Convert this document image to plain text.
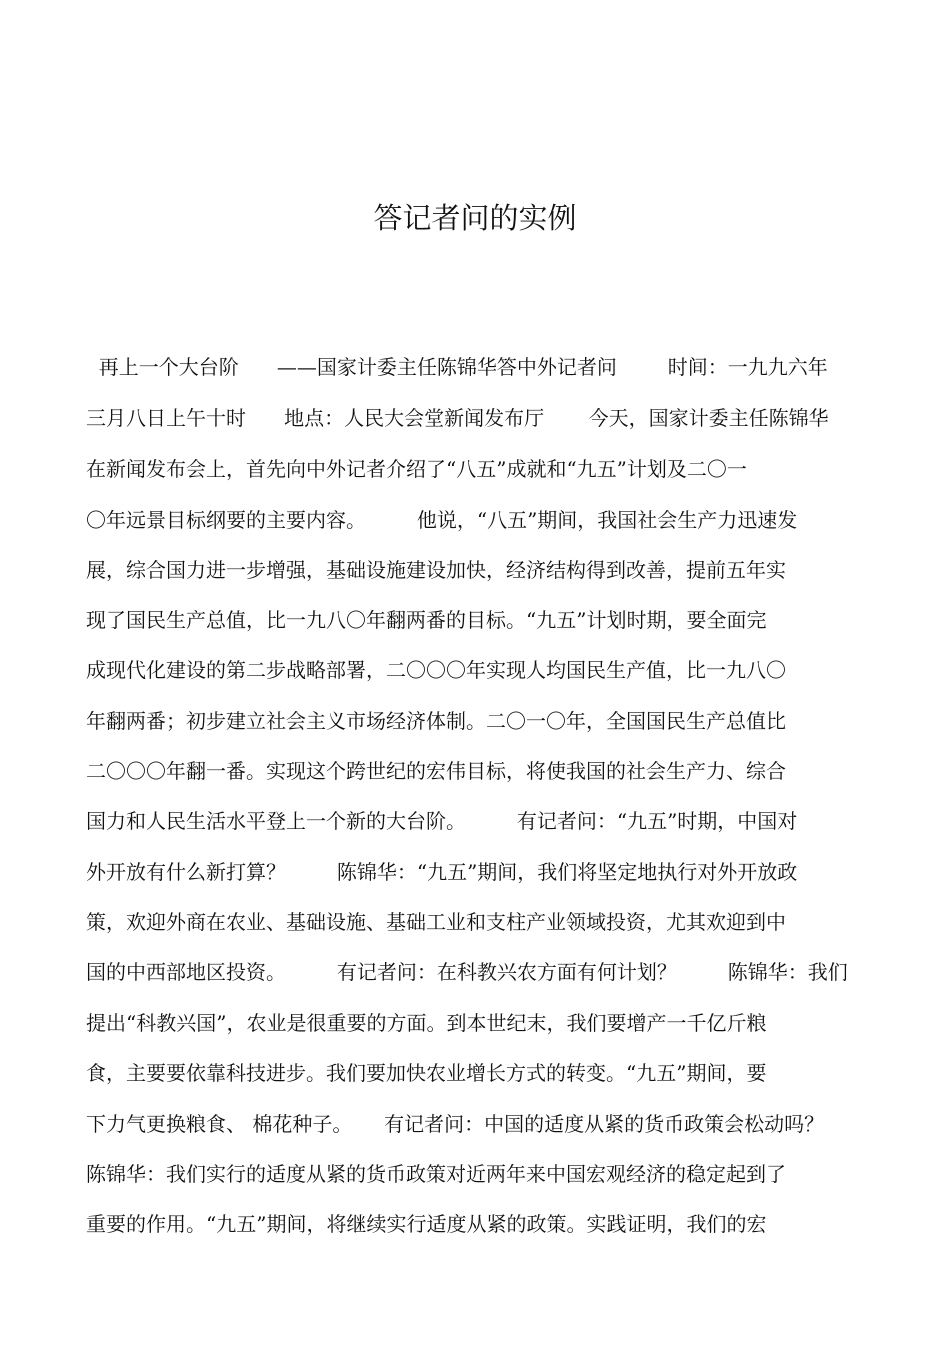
答记者问的实例
再上一个大台阶      ——国家计委主任陈锦华答中外记者问        时间：一九九六年
三月八日上午十时      地点：人民大会堂新闻发布厅       今天，国家计委主任陈锦华
在新闻发布会上，首先向中外记者介绍了“八五”成就和“九五”计划及二〇一
〇年远景目标纲要的主要内容。        他说，“八五”期间，我国社会生产力迅速发
展，综合国力进一步增强，基础设施建设加快，经济结构得到改善，提前五年实
现了国民生产总值，比一九八〇年翻两番的目标。“九五”计划时期，要全面完
成现代化建设的第二步战略部署，二〇〇〇年实现人均国民生产值，比一九八〇
年翻两番；初步建立社会主义市场经济体制。二〇一〇年，全国国民生产总值比
二〇〇〇年翻一番。实现这个跨世纪的宏伟目标，将使我国的社会生产力、综合
国力和人民生活水平登上一个新的大台阶。        有记者问：“九五”时期，中国对
外开放有什么新打算？        陈锦华：“九五”期间，我们将坚定地执行对外开放政
策，欢迎外商在农业、基础设施、基础工业和支柱产业领域投资，尤其欢迎到中
国的中西部地区投资。        有记者问：在科教兴农方面有何计划？        陈锦华：我们
提出“科教兴国”，农业是很重要的方面。到本世纪末，我们要增产一千亿斤粮
食，主要要依靠科技进步。我们要加快农业增长方式的转变。“九五”期间，要
下力气更换粮食、 棉花种子。     有记者问：中国的适度从紧的货币政策会松动吗？
陈锦华：我们实行的适度从紧的货币政策对近两年来中国宏观经济的稳定起到了
重要的作用。“九五”期间，将继续实行适度从紧的政策。实践证明，我们的宏
